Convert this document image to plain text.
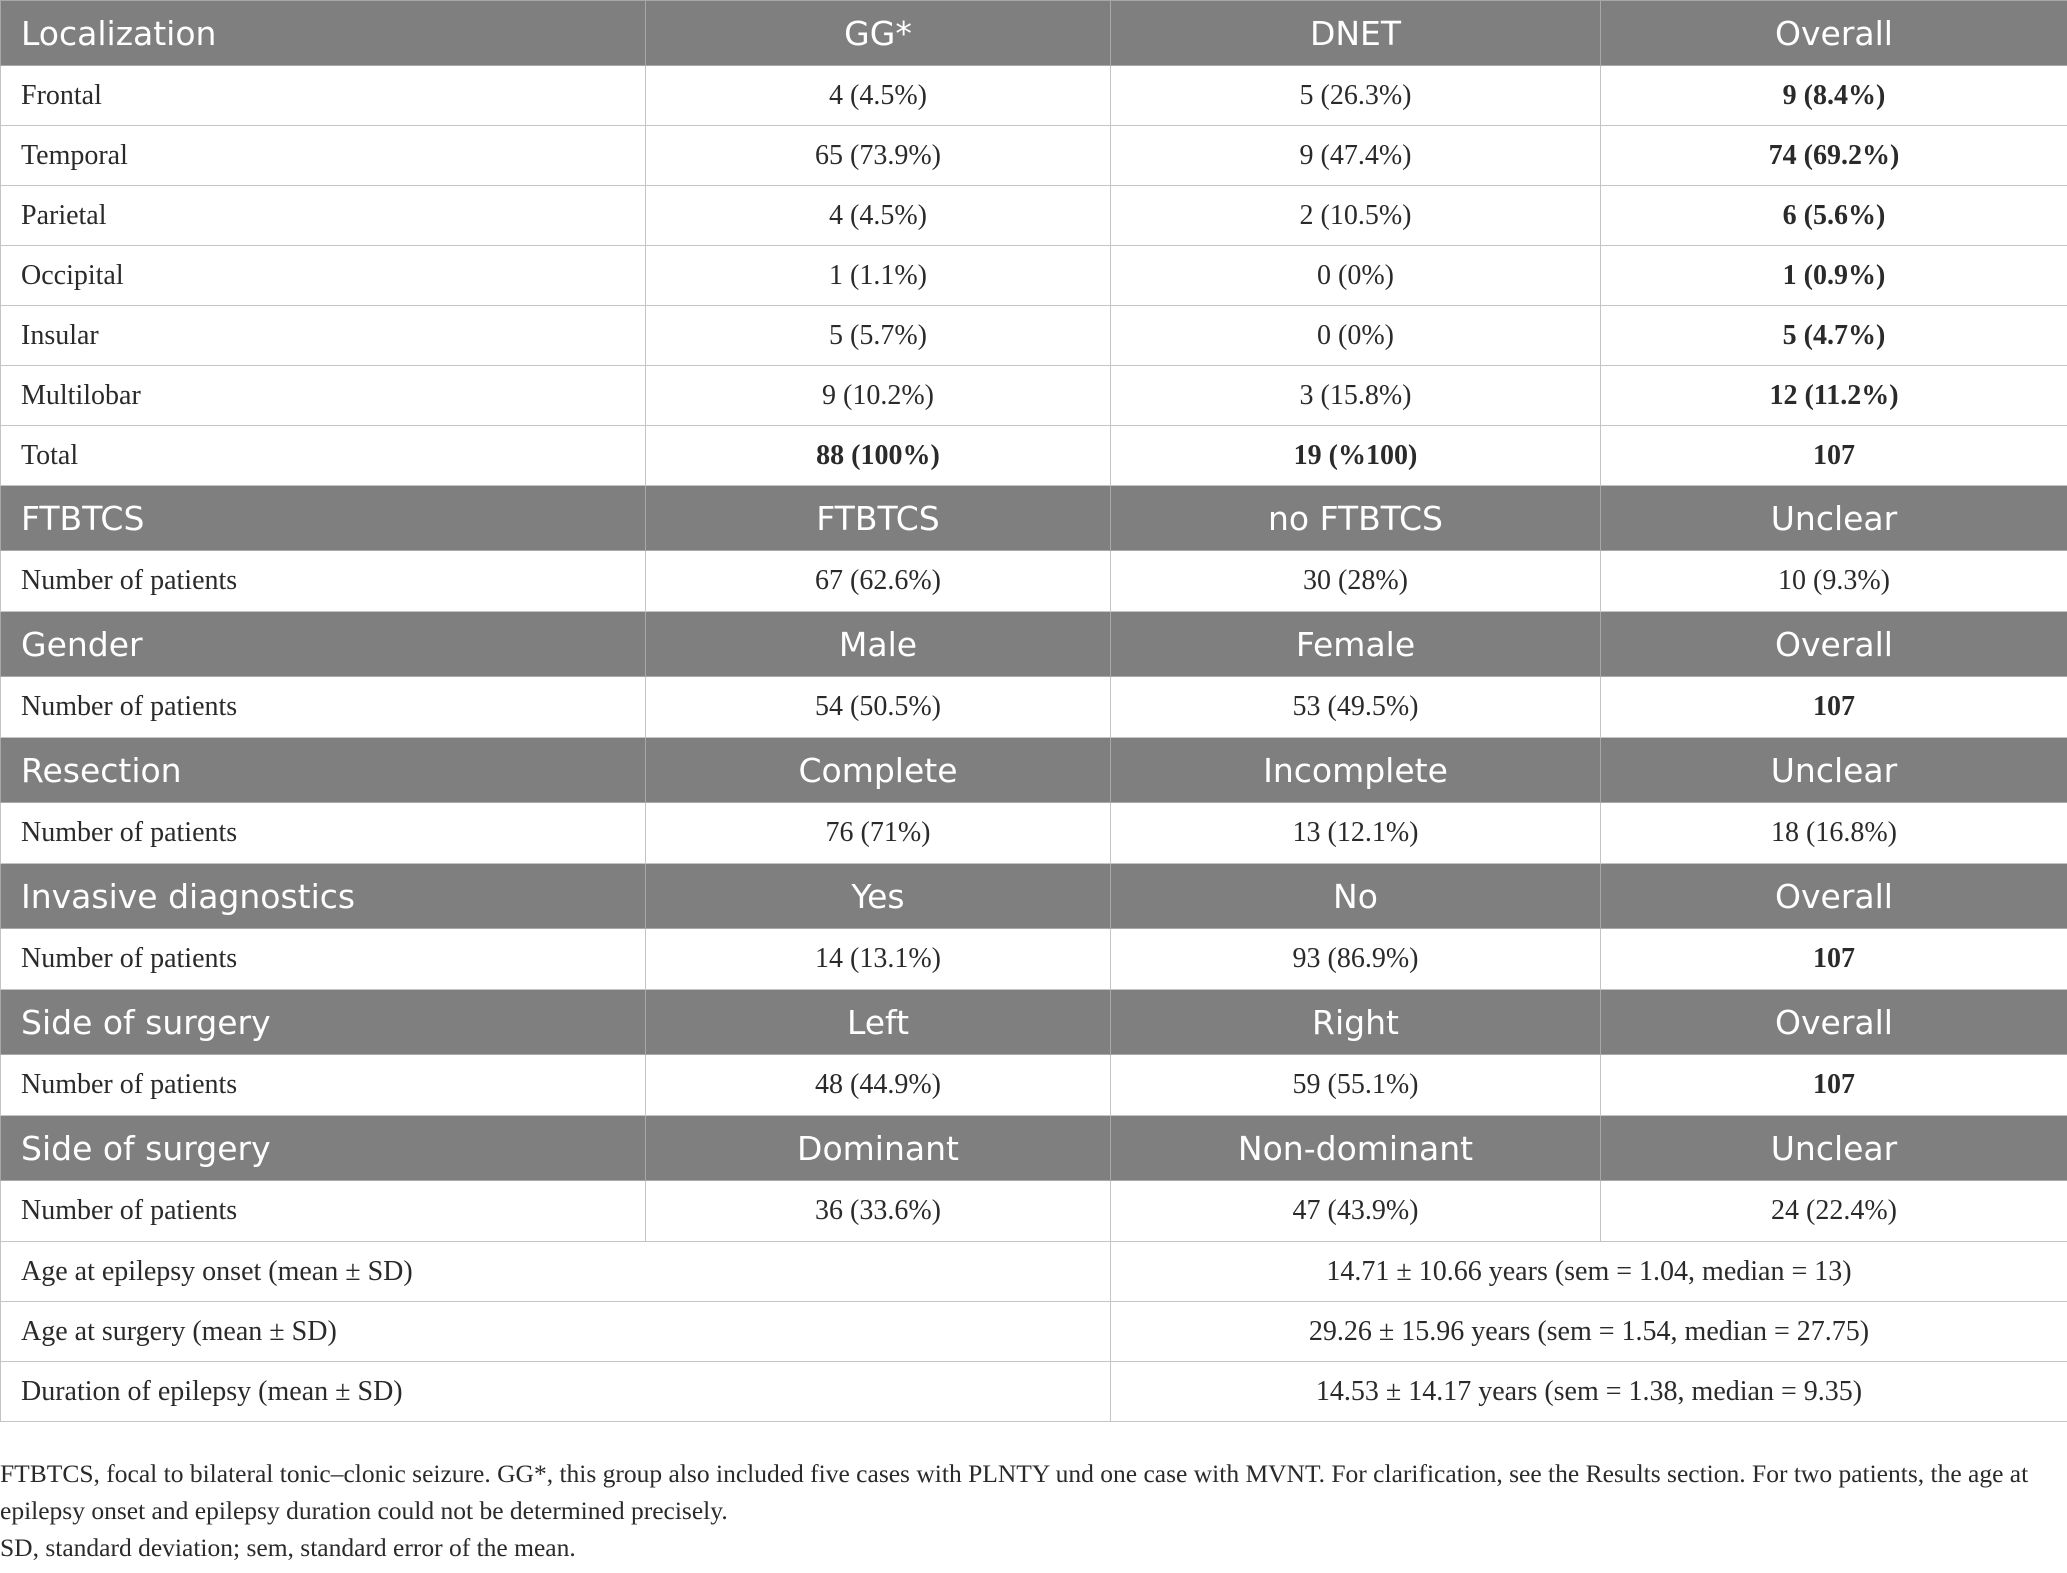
Localization	GG*	DNET	Overall
Frontal	4 (4.5%)	5 (26.3%)	9 (8.4%)
Temporal	65 (73.9%)	9 (47.4%)	74 (69.2%)
Parietal	4 (4.5%)	2 (10.5%)	6 (5.6%)
Occipital	1 (1.1%)	0 (0%)	1 (0.9%)
Insular	5 (5.7%)	0 (0%)	5 (4.7%)
Multilobar	9 (10.2%)	3 (15.8%)	12 (11.2%)
Total	88 (100%)	19 (%100)	107
FTBTCS	FTBTCS	no FTBTCS	Unclear
Number of patients	67 (62.6%)	30 (28%)	10 (9.3%)
Gender	Male	Female	Overall
Number of patients	54 (50.5%)	53 (49.5%)	107
Resection	Complete	Incomplete	Unclear
Number of patients	76 (71%)	13 (12.1%)	18 (16.8%)
Invasive diagnostics	Yes	No	Overall
Number of patients	14 (13.1%)	93 (86.9%)	107
Side of surgery	Left	Right	Overall
Number of patients	48 (44.9%)	59 (55.1%)	107
Side of surgery	Dominant	Non-dominant	Unclear
Number of patients	36 (33.6%)	47 (43.9%)	24 (22.4%)
Age at epilepsy onset (mean ± SD)		14.71 ± 10.66 years (sem = 1.04, median = 13)	
Age at surgery (mean ± SD)		29.26 ± 15.96 years (sem = 1.54, median = 27.75)	
Duration of epilepsy (mean ± SD)		14.53 ± 14.17 years (sem = 1.38, median = 9.35)	

FTBTCS, focal to bilateral tonic–clonic seizure. GG*, this group also included five cases with PLNTY und one case with MVNT. For clarification, see the Results section. For two patients, the age at epilepsy onset and epilepsy duration could not be determined precisely.

SD, standard deviation; sem, standard error of the mean.
